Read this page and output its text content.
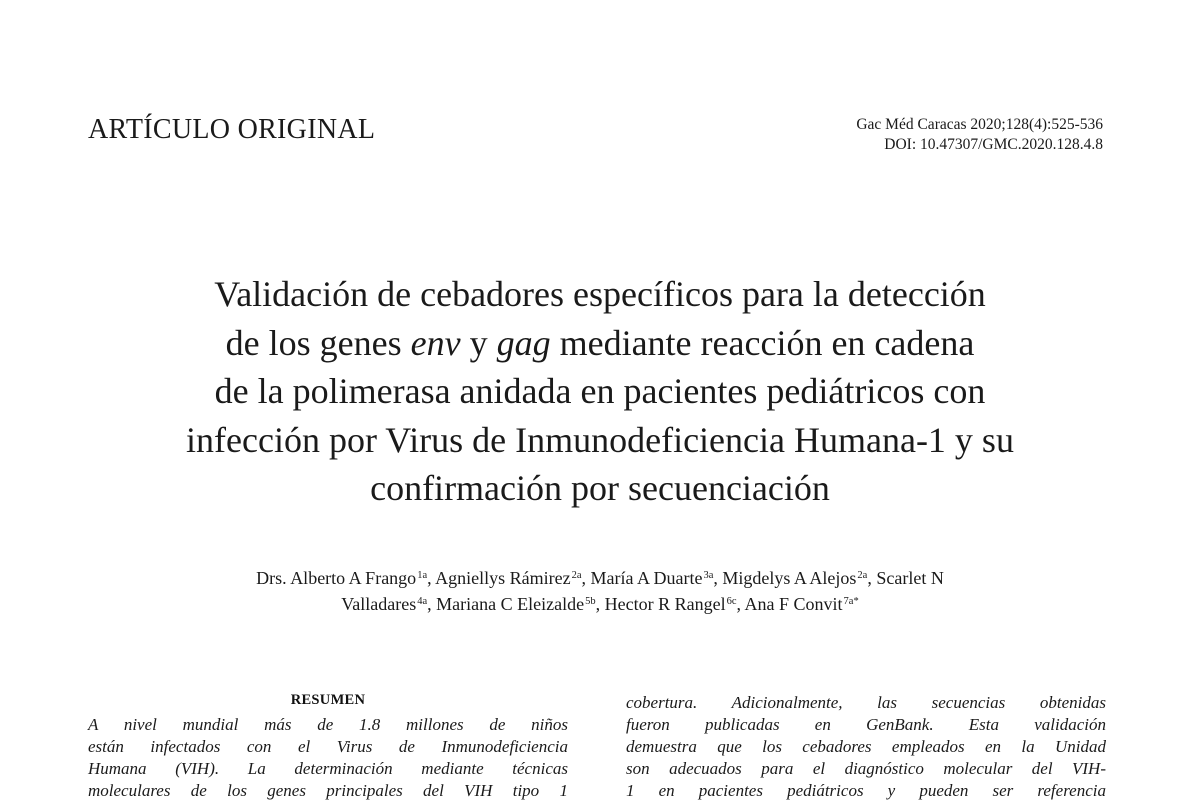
ARTÍCULO ORIGINAL	Gac Méd Caracas 2020;128(4):525-536
DOI: 10.47307/GMC.2020.128.4.8
Validación de cebadores específicos para la detección
de los genes env y gag mediante reacción en cadena
de la polimerasa anidada en pacientes pediátricos con
infección por Virus de Inmunodeficiencia Humana-1 y su
confirmación por secuenciación
Drs. Alberto A Frango$^{1a}$, Agniellys Rámirez$^{2a}$, María A Duarte$^{3a}$, Migdelys A Alejos$^{2a}$, Scarlet N
Valladares$^{4a}$, Mariana C Eleizalde$^{5b}$, Hector R Rangel$^{6c}$, Ana F Convit$^{7a*}$
RESUMEN
A nivel mundial más de 1.8 millones de niños
están infectados con el Virus de Inmunodeficiencia
Humana (VIH). La determinación mediante técnicas
moleculares de los genes principales del VIH tipo 1
cobertura. Adicionalmente, las secuencias obtenidas
fueron publicadas en GenBank. Esta validación
demuestra que los cebadores empleados en la Unidad
son adecuados para el diagnóstico molecular del VIH-
1 en pacientes pediátricos y pueden ser referencia
